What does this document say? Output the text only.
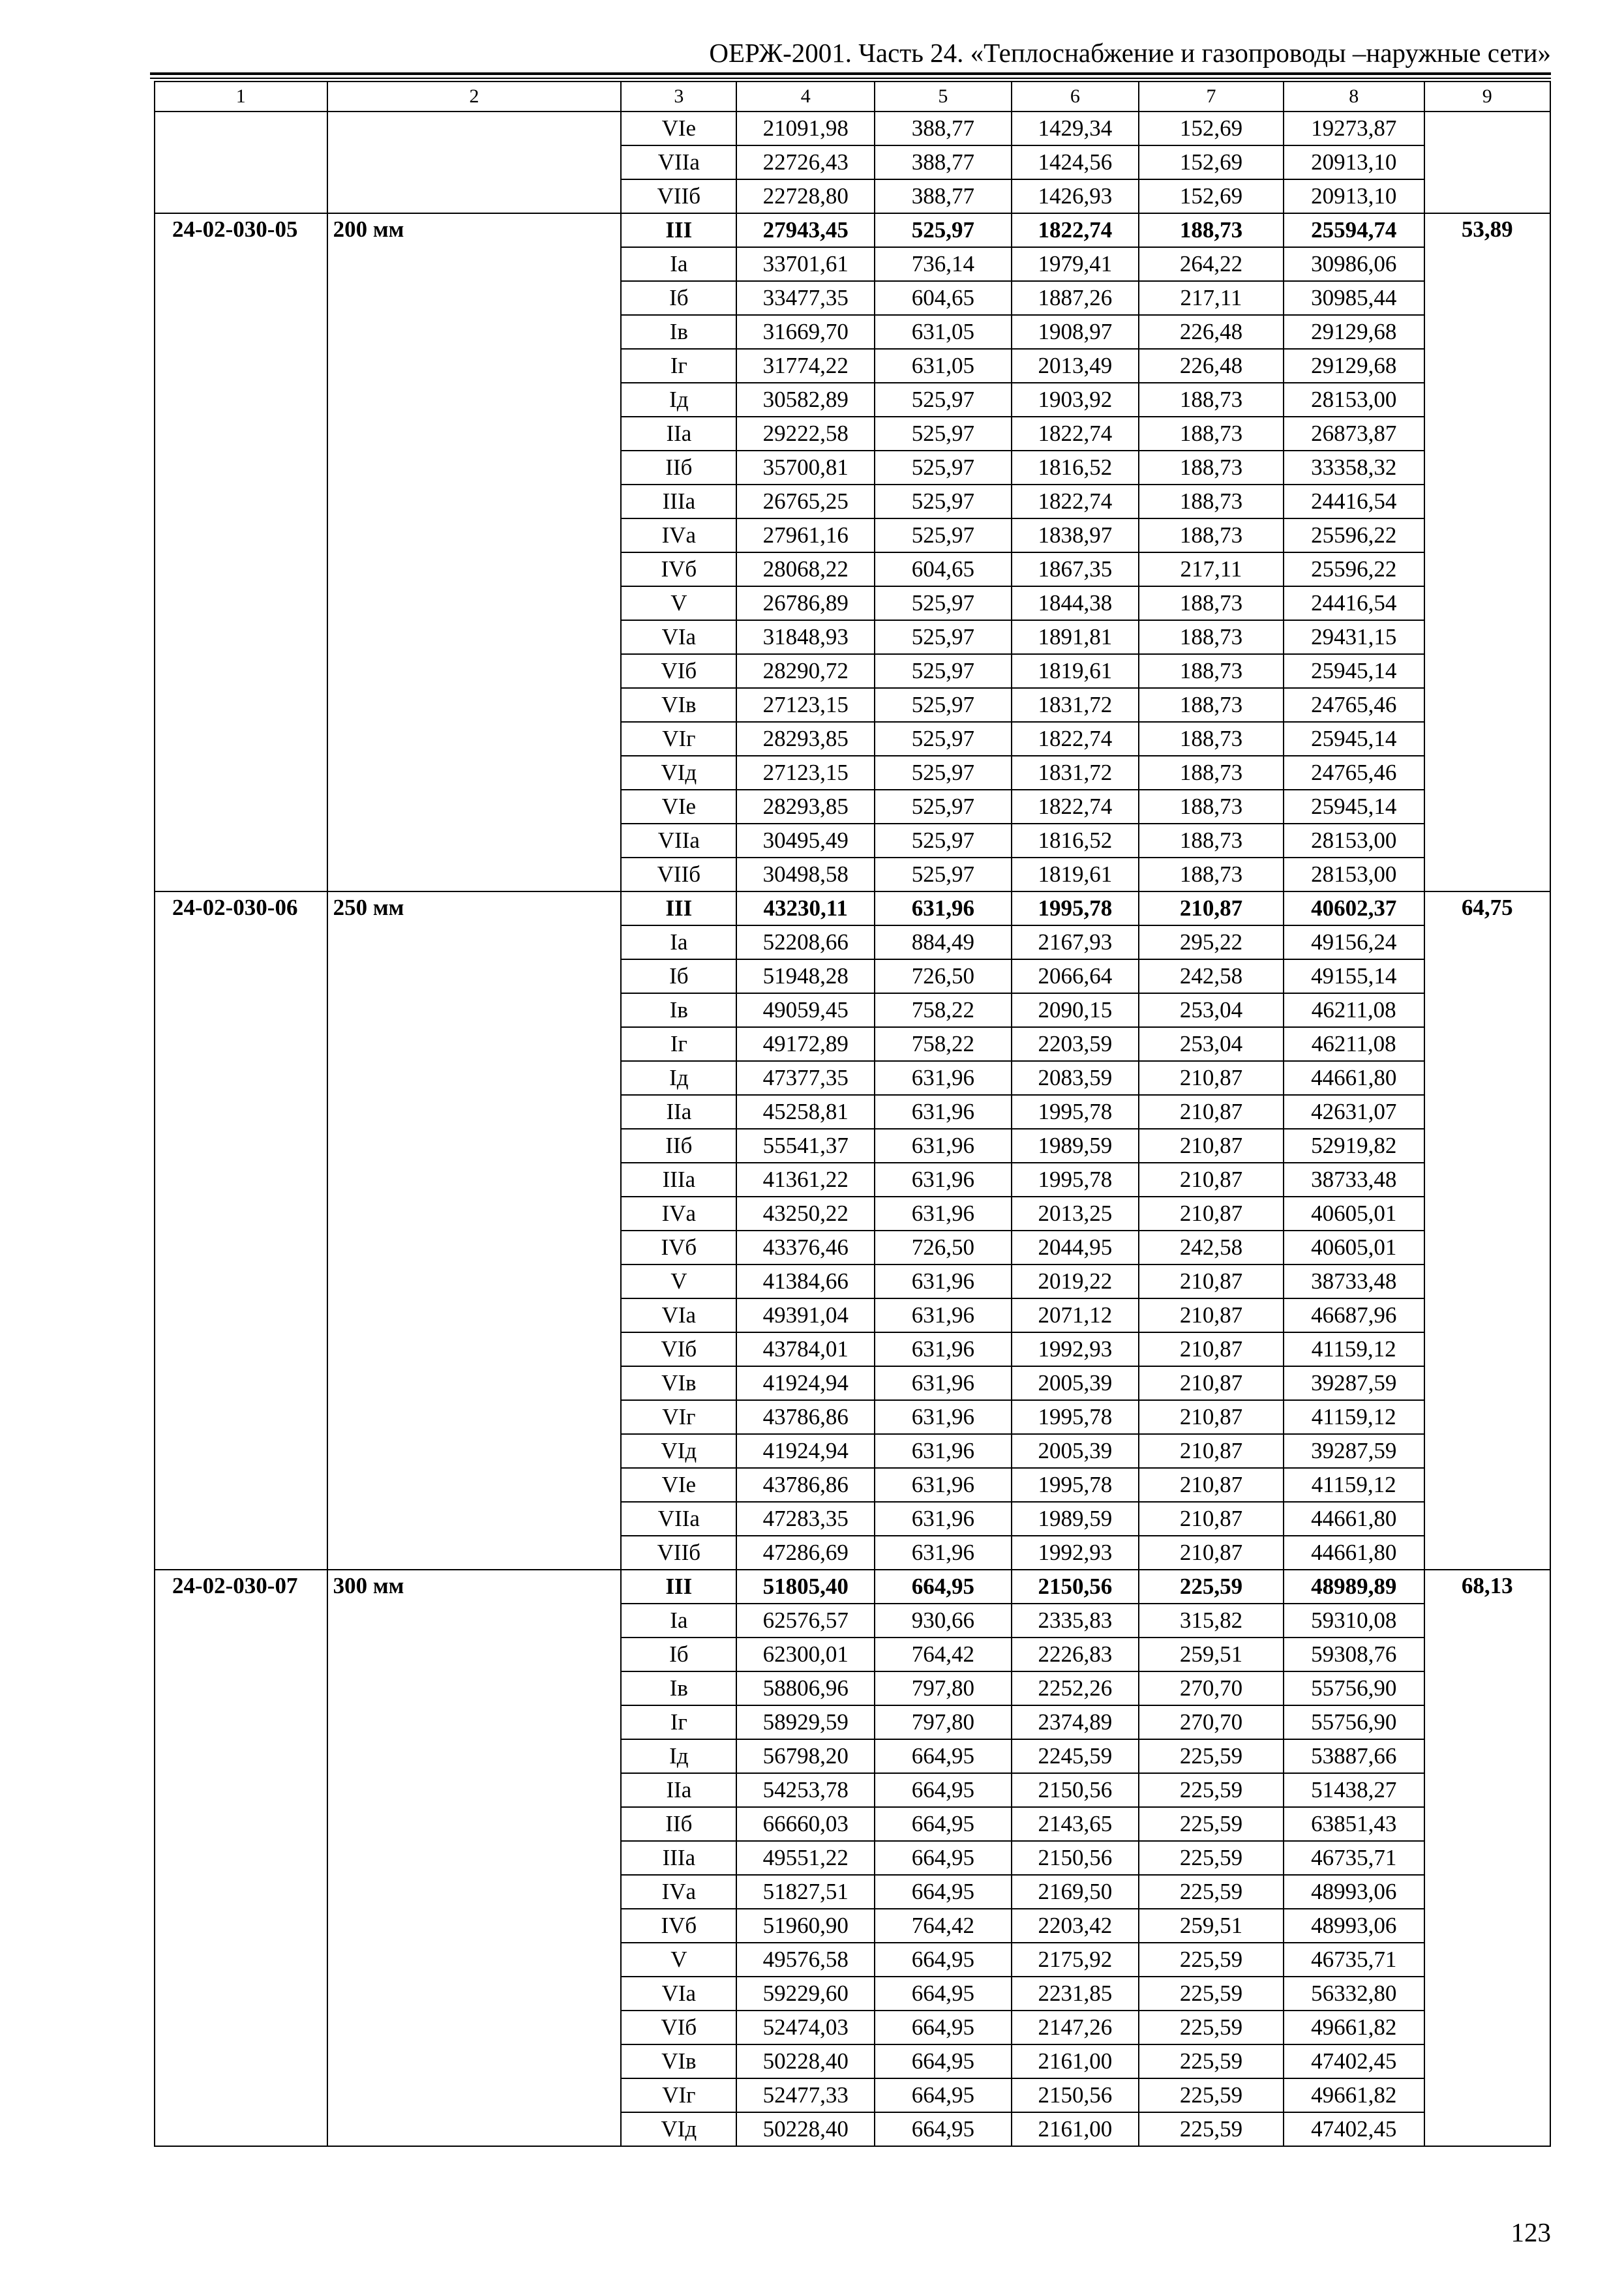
ОЕРЖ-2001. Часть 24. «Теплоснабжение и газопроводы –наружные сети»
1	2	3	4	5	6	7	8	9
		VIе	21091,98	388,77	1429,34	152,69	19273,87	
		VIIа	22726,43	388,77	1424,56	152,69	20913,10	
		VIIб	22728,80	388,77	1426,93	152,69	20913,10	
24-02-030-05	200 мм	III	27943,45	525,97	1822,74	188,73	25594,74	53,89
		Iа	33701,61	736,14	1979,41	264,22	30986,06	
		Iб	33477,35	604,65	1887,26	217,11	30985,44	
		Iв	31669,70	631,05	1908,97	226,48	29129,68	
		Iг	31774,22	631,05	2013,49	226,48	29129,68	
		Iд	30582,89	525,97	1903,92	188,73	28153,00	
		IIа	29222,58	525,97	1822,74	188,73	26873,87	
		IIб	35700,81	525,97	1816,52	188,73	33358,32	
		IIIа	26765,25	525,97	1822,74	188,73	24416,54	
		IVа	27961,16	525,97	1838,97	188,73	25596,22	
		IVб	28068,22	604,65	1867,35	217,11	25596,22	
		V	26786,89	525,97	1844,38	188,73	24416,54	
		VIа	31848,93	525,97	1891,81	188,73	29431,15	
		VIб	28290,72	525,97	1819,61	188,73	25945,14	
		VIв	27123,15	525,97	1831,72	188,73	24765,46	
		VIг	28293,85	525,97	1822,74	188,73	25945,14	
		VIд	27123,15	525,97	1831,72	188,73	24765,46	
		VIе	28293,85	525,97	1822,74	188,73	25945,14	
		VIIа	30495,49	525,97	1816,52	188,73	28153,00	
		VIIб	30498,58	525,97	1819,61	188,73	28153,00	
24-02-030-06	250 мм	III	43230,11	631,96	1995,78	210,87	40602,37	64,75
		Iа	52208,66	884,49	2167,93	295,22	49156,24	
		Iб	51948,28	726,50	2066,64	242,58	49155,14	
		Iв	49059,45	758,22	2090,15	253,04	46211,08	
		Iг	49172,89	758,22	2203,59	253,04	46211,08	
		Iд	47377,35	631,96	2083,59	210,87	44661,80	
		IIа	45258,81	631,96	1995,78	210,87	42631,07	
		IIб	55541,37	631,96	1989,59	210,87	52919,82	
		IIIа	41361,22	631,96	1995,78	210,87	38733,48	
		IVа	43250,22	631,96	2013,25	210,87	40605,01	
		IVб	43376,46	726,50	2044,95	242,58	40605,01	
		V	41384,66	631,96	2019,22	210,87	38733,48	
		VIа	49391,04	631,96	2071,12	210,87	46687,96	
		VIб	43784,01	631,96	1992,93	210,87	41159,12	
		VIв	41924,94	631,96	2005,39	210,87	39287,59	
		VIг	43786,86	631,96	1995,78	210,87	41159,12	
		VIд	41924,94	631,96	2005,39	210,87	39287,59	
		VIе	43786,86	631,96	1995,78	210,87	41159,12	
		VIIа	47283,35	631,96	1989,59	210,87	44661,80	
		VIIб	47286,69	631,96	1992,93	210,87	44661,80	
24-02-030-07	300 мм	III	51805,40	664,95	2150,56	225,59	48989,89	68,13
		Iа	62576,57	930,66	2335,83	315,82	59310,08	
		Iб	62300,01	764,42	2226,83	259,51	59308,76	
		Iв	58806,96	797,80	2252,26	270,70	55756,90	
		Iг	58929,59	797,80	2374,89	270,70	55756,90	
		Iд	56798,20	664,95	2245,59	225,59	53887,66	
		IIа	54253,78	664,95	2150,56	225,59	51438,27	
		IIб	66660,03	664,95	2143,65	225,59	63851,43	
		IIIа	49551,22	664,95	2150,56	225,59	46735,71	
		IVа	51827,51	664,95	2169,50	225,59	48993,06	
		IVб	51960,90	764,42	2203,42	259,51	48993,06	
		V	49576,58	664,95	2175,92	225,59	46735,71	
		VIа	59229,60	664,95	2231,85	225,59	56332,80	
		VIб	52474,03	664,95	2147,26	225,59	49661,82	
		VIв	50228,40	664,95	2161,00	225,59	47402,45	
		VIг	52477,33	664,95	2150,56	225,59	49661,82	
		VIд	50228,40	664,95	2161,00	225,59	47402,45	
123
